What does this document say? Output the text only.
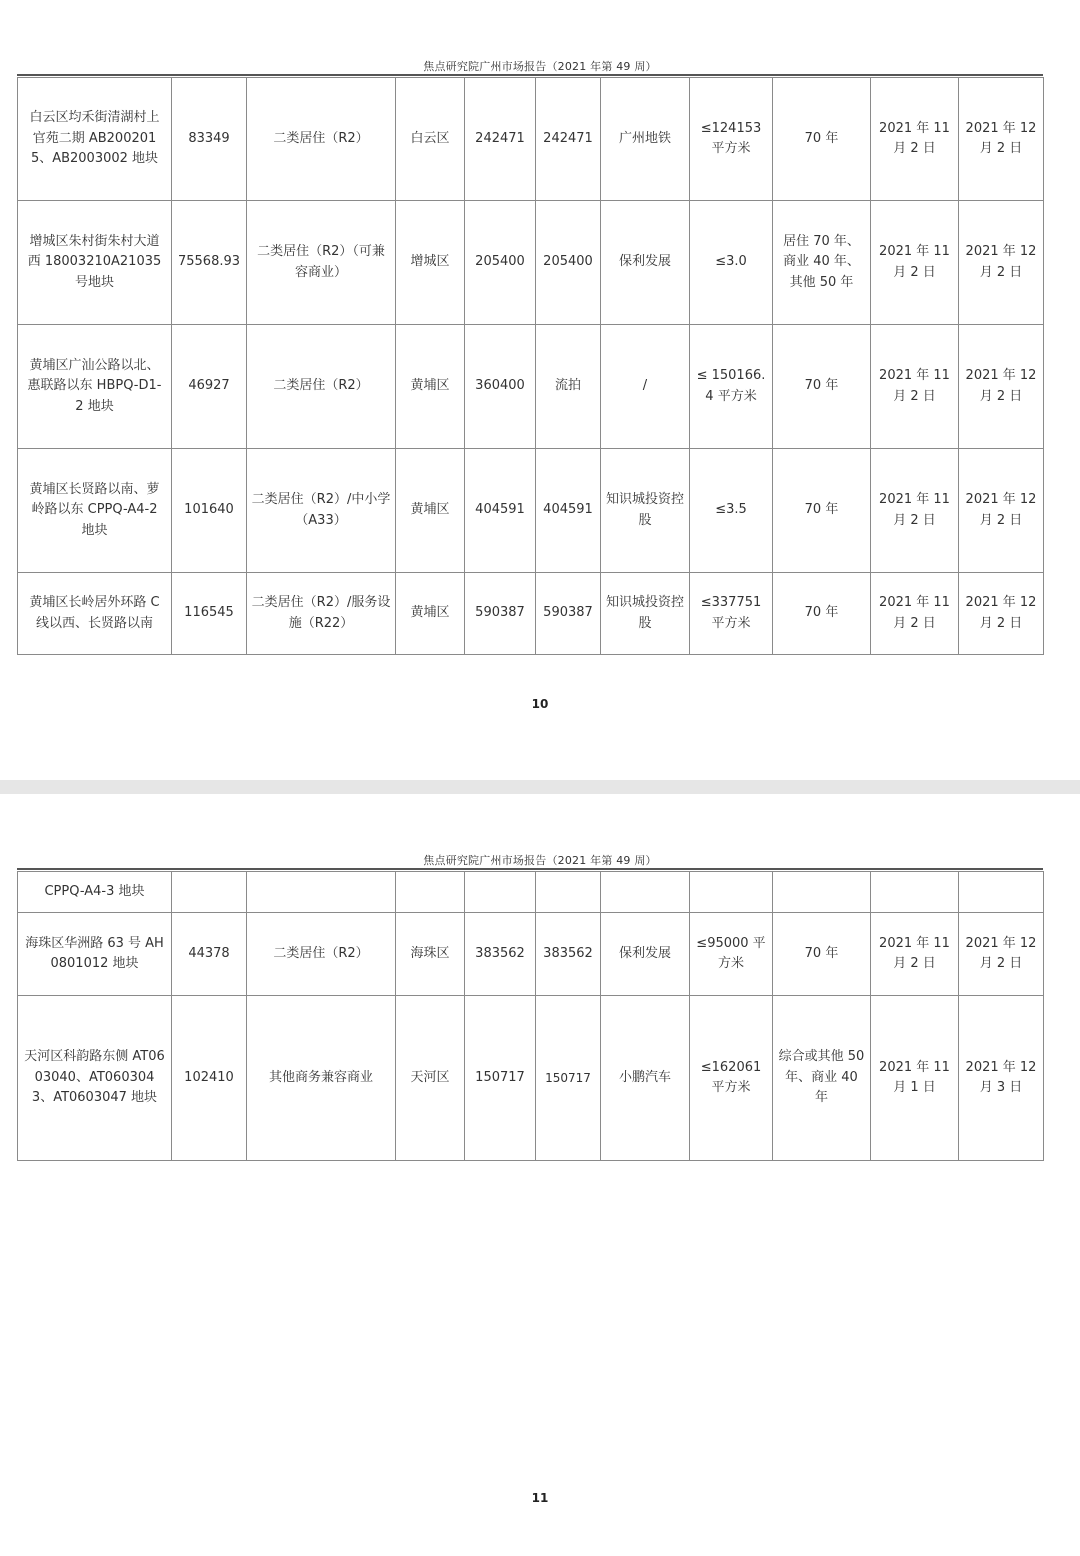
焦点研究院广州市场报告（2021 年第 49 周）
白云区均禾街清湖村上官苑二期 AB2002015、AB2003002 地块	83349	二类居住（R2）	白云区	242471	242471	广州地铁	≤124153 平方米	70 年	2021 年 11 月 2 日	2021 年 12 月 2 日
增城区朱村街朱村大道西 18003210A21035 号地块	75568.93	二类居住（R2）（可兼容商业）	增城区	205400	205400	保利发展	≤3.0	居住 70 年、商业 40 年、其他 50 年	2021 年 11 月 2 日	2021 年 12 月 2 日
黄埔区广汕公路以北、惠联路以东 HBPQ-D1-2 地块	46927	二类居住（R2）	黄埔区	360400	流拍	/	≤ 150166.4 平方米	70 年	2021 年 11 月 2 日	2021 年 12 月 2 日
黄埔区长贤路以南、萝岭路以东 CPPQ-A4-2 地块	101640	二类居住（R2）/中小学（A33）	黄埔区	404591	404591	知识城投资控股	≤3.5	70 年	2021 年 11 月 2 日	2021 年 12 月 2 日
黄埔区长岭居外环路 C 线以西、长贤路以南	116545	二类居住（R2）/服务设施（R22）	黄埔区	590387	590387	知识城投资控股	≤337751 平方米	70 年	2021 年 11 月 2 日	2021 年 12 月 2 日
10
焦点研究院广州市场报告（2021 年第 49 周）
CPPQ-A4-3 地块										
海珠区华洲路 63 号 AH0801012 地块	44378	二类居住（R2）	海珠区	383562	383562	保利发展	≤95000 平方米	70 年	2021 年 11 月 2 日	2021 年 12 月 2 日
天河区科韵路东侧 AT0603040、AT0603043、AT0603047 地块	102410	其他商务兼容商业	天河区	150717	150717	小鹏汽车	≤162061 平方米	综合或其他 50 年、商业 40 年	2021 年 11 月 1 日	2021 年 12 月 3 日
11
